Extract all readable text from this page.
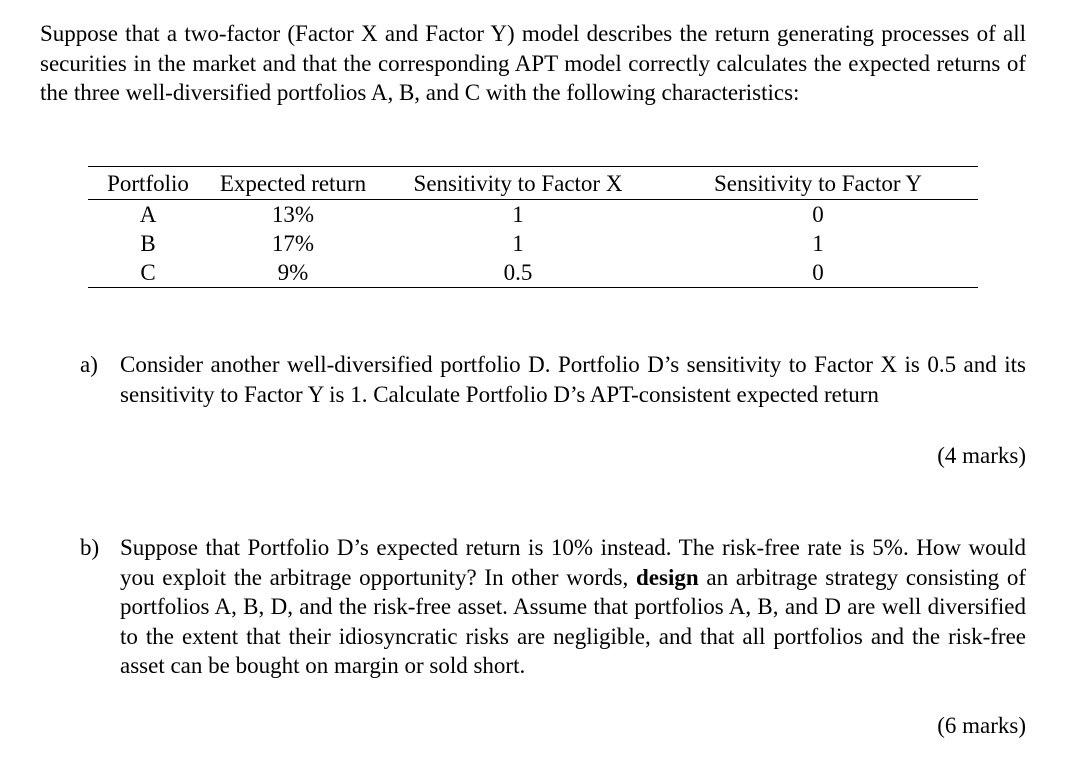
Suppose that a two-factor (Factor X and Factor Y) model describes the return generating processes of all securities in the market and that the corresponding APT model correctly calculates the expected returns of the three well-diversified portfolios A, B, and C with the following characteristics:

Portfolio	Expected return	Sensitivity to Factor X	Sensitivity to Factor Y
A	13%	1	0
B	17%	1	1
C	9%	0.5	0
a) Consider another well-diversified portfolio D. Portfolio D’s sensitivity to Factor X is 0.5 and its sensitivity to Factor Y is 1. Calculate Portfolio D’s APT-consistent expected return
(4 marks)
b) Suppose that Portfolio D’s expected return is 10% instead. The risk-free rate is 5%. How would you exploit the arbitrage opportunity? In other words, design an arbitrage strategy consisting of portfolios A, B, D, and the risk-free asset. Assume that portfolios A, B, and D are well diversified to the extent that their idiosyncratic risks are negligible, and that all portfolios and the risk-free asset can be bought on margin or sold short.
(6 marks)
